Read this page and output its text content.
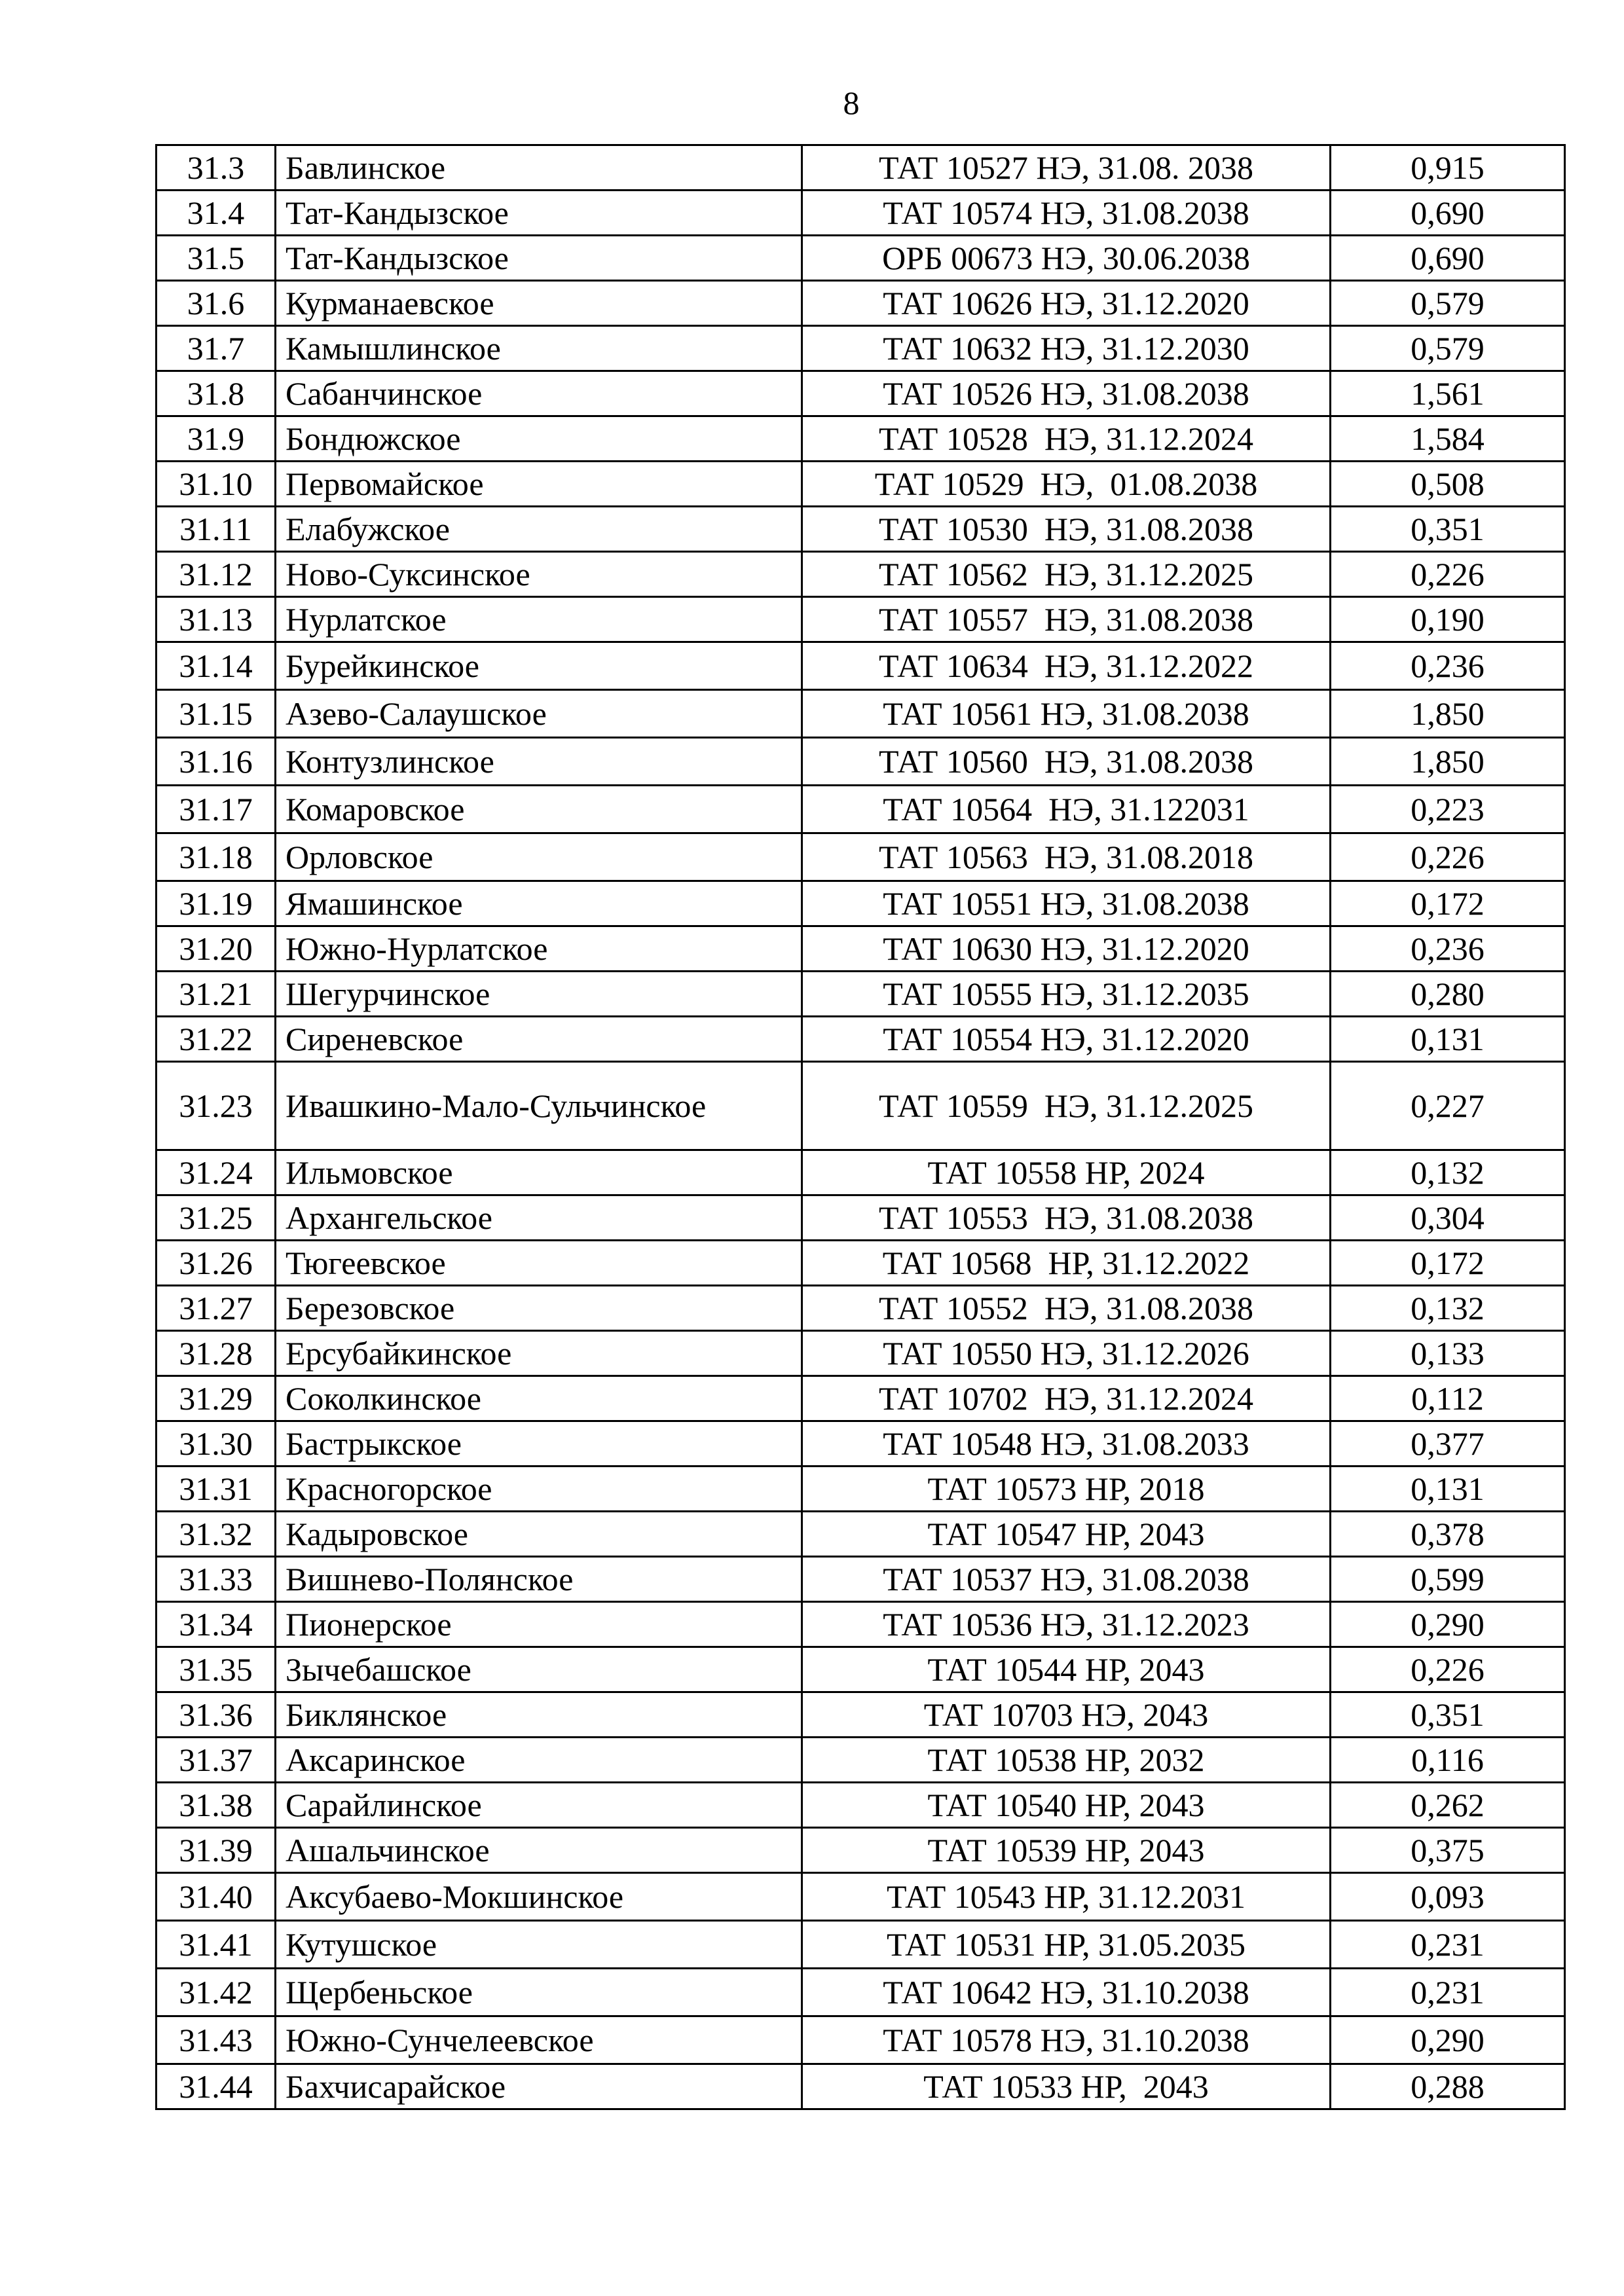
8
31.3	Бавлинское	ТАТ 10527 НЭ, 31.08. 2038	0,915
31.4	Тат-Кандызское	ТАТ 10574 НЭ, 31.08.2038	0,690
31.5	Тат-Кандызское	ОРБ 00673 НЭ, 30.06.2038	0,690
31.6	Курманаевское	ТАТ 10626 НЭ, 31.12.2020	0,579
31.7	Камышлинское	ТАТ 10632 НЭ, 31.12.2030	0,579
31.8	Сабанчинское	ТАТ 10526 НЭ, 31.08.2038	1,561
31.9	Бондюжское	ТАТ 10528  НЭ, 31.12.2024	1,584
31.10	Первомайское	ТАТ 10529  НЭ,  01.08.2038	0,508
31.11	Елабужское	ТАТ 10530  НЭ, 31.08.2038	0,351
31.12	Ново-Суксинское	ТАТ 10562  НЭ, 31.12.2025	0,226
31.13	Нурлатское	ТАТ 10557  НЭ, 31.08.2038	0,190
31.14	Бурейкинское	ТАТ 10634  НЭ, 31.12.2022	0,236
31.15	Азево-Салаушское	ТАТ 10561 НЭ, 31.08.2038	1,850
31.16	Контузлинское	ТАТ 10560  НЭ, 31.08.2038	1,850
31.17	Комаровское	ТАТ 10564  НЭ, 31.122031	0,223
31.18	Орловское	ТАТ 10563  НЭ, 31.08.2018	0,226
31.19	Ямашинское	ТАТ 10551 НЭ, 31.08.2038	0,172
31.20	Южно-Нурлатское	ТАТ 10630 НЭ, 31.12.2020	0,236
31.21	Шегурчинское	ТАТ 10555 НЭ, 31.12.2035	0,280
31.22	Сиреневское	ТАТ 10554 НЭ, 31.12.2020	0,131
31.23	Ивашкино-Мало-Сульчинское	ТАТ 10559  НЭ, 31.12.2025	0,227
31.24	Ильмовское	ТАТ 10558 НР, 2024	0,132
31.25	Архангельское	ТАТ 10553  НЭ, 31.08.2038	0,304
31.26	Тюгеевское	ТАТ 10568  НР, 31.12.2022	0,172
31.27	Березовское	ТАТ 10552  НЭ, 31.08.2038	0,132
31.28	Ерсубайкинское	ТАТ 10550 НЭ, 31.12.2026	0,133
31.29	Соколкинское	ТАТ 10702  НЭ, 31.12.2024	0,112
31.30	Бастрыкское	ТАТ 10548 НЭ, 31.08.2033	0,377
31.31	Красногорское	ТАТ 10573 НР, 2018	0,131
31.32	Кадыровское	ТАТ 10547 НР, 2043	0,378
31.33	Вишнево-Полянское	ТАТ 10537 НЭ, 31.08.2038	0,599
31.34	Пионерское	ТАТ 10536 НЭ, 31.12.2023	0,290
31.35	Зычебашское	ТАТ 10544 НР, 2043	0,226
31.36	Биклянское	ТАТ 10703 НЭ, 2043	0,351
31.37	Аксаринское	ТАТ 10538 НР, 2032	0,116
31.38	Сарайлинское	ТАТ 10540 НР, 2043	0,262
31.39	Ашальчинское	ТАТ 10539 НР, 2043	0,375
31.40	Аксубаево-Мокшинское	ТАТ 10543 НР, 31.12.2031	0,093
31.41	Кутушское	ТАТ 10531 НР, 31.05.2035	0,231
31.42	Щербеньское	ТАТ 10642 НЭ, 31.10.2038	0,231
31.43	Южно-Сунчелеевское	ТАТ 10578 НЭ, 31.10.2038	0,290
31.44	Бахчисарайское	ТАТ 10533 НР,  2043	0,288
